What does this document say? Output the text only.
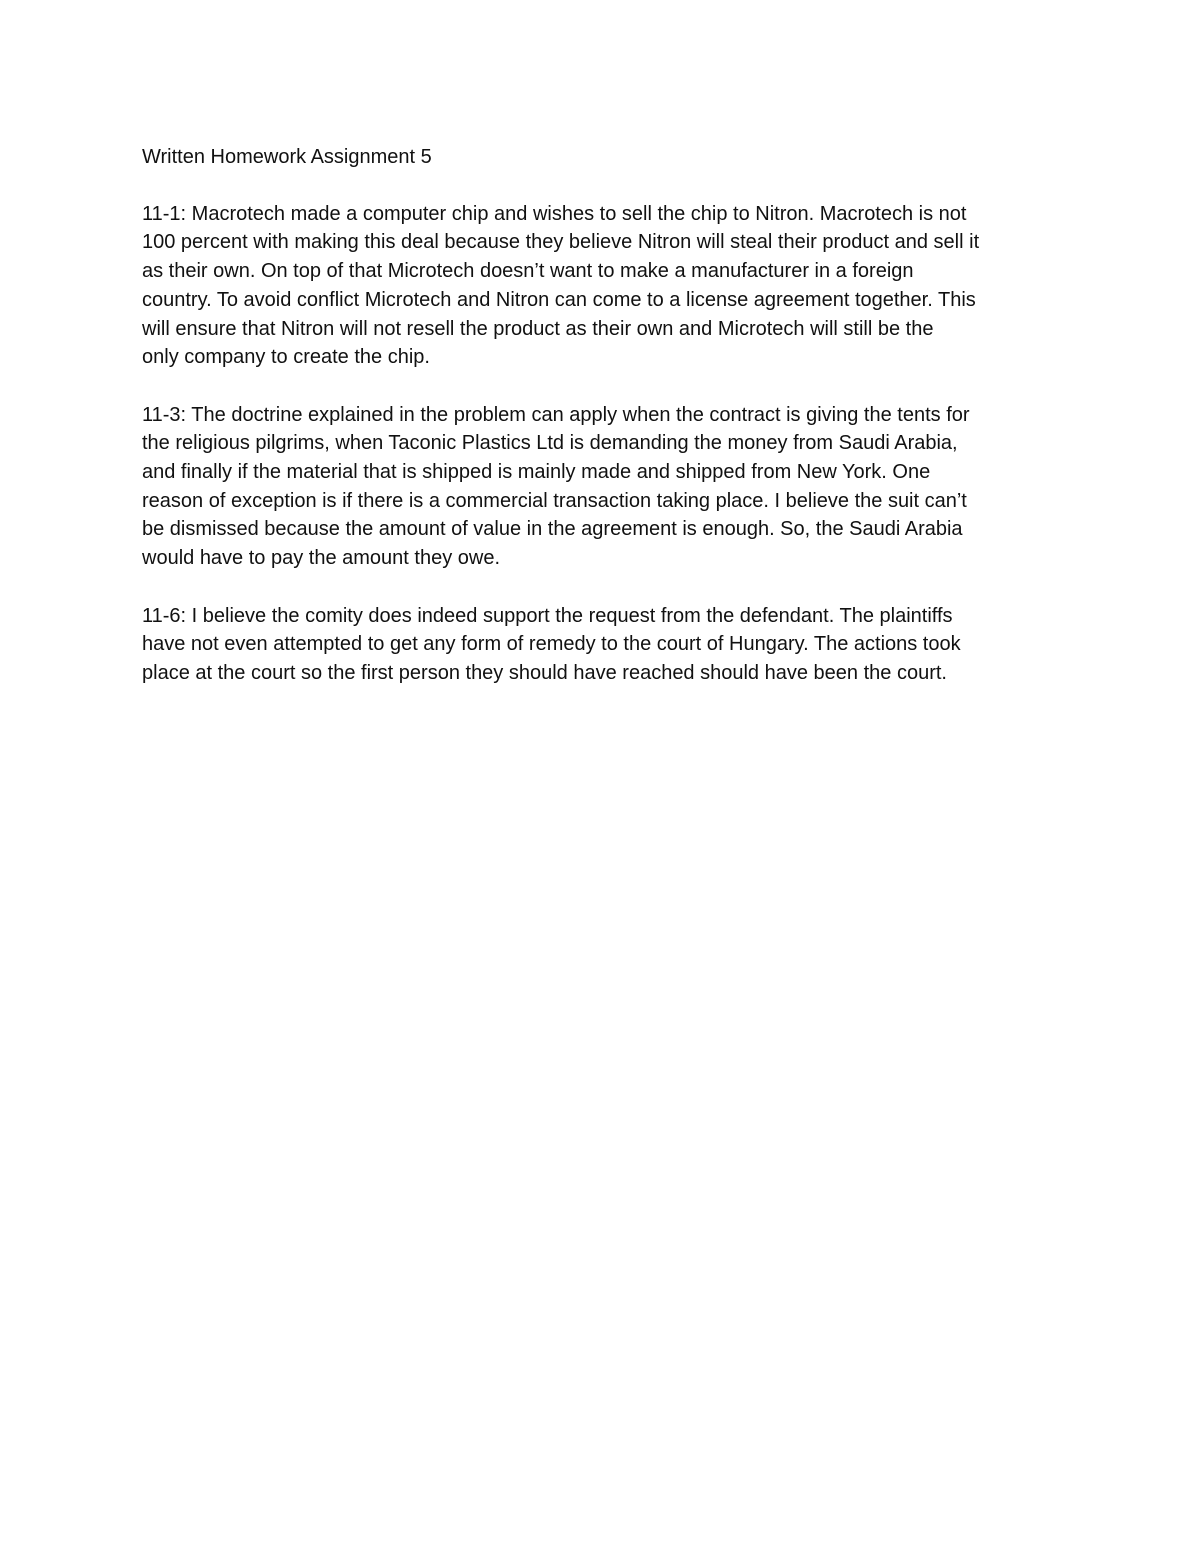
Written Homework Assignment 5
11-1: Macrotech made a computer chip and wishes to sell the chip to Nitron. Macrotech is not
100 percent with making this deal because they believe Nitron will steal their product and sell it
as their own. On top of that Microtech doesn’t want to make a manufacturer in a foreign
country. To avoid conflict Microtech and Nitron can come to a license agreement together. This
will ensure that Nitron will not resell the product as their own and Microtech will still be the
only company to create the chip.
11-3: The doctrine explained in the problem can apply when the contract is giving the tents for
the religious pilgrims, when Taconic Plastics Ltd is demanding the money from Saudi Arabia,
and finally if the material that is shipped is mainly made and shipped from New York. One
reason of exception is if there is a commercial transaction taking place. I believe the suit can’t
be dismissed because the amount of value in the agreement is enough. So, the Saudi Arabia
would have to pay the amount they owe.
11-6: I believe the comity does indeed support the request from the defendant. The plaintiffs
have not even attempted to get any form of remedy to the court of Hungary. The actions took
place at the court so the first person they should have reached should have been the court.
